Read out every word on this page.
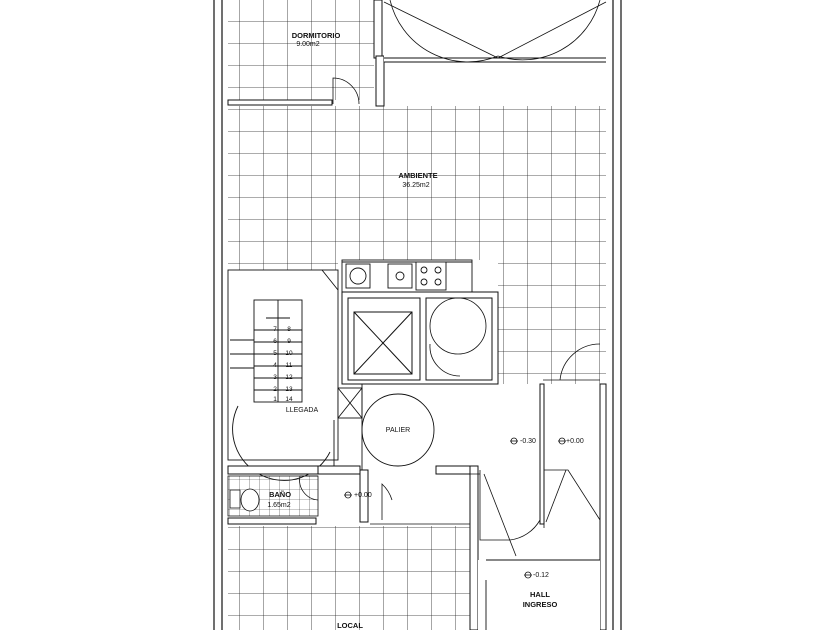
DORMITORIO
9.00m2
AMBIENTE
36.25m2
PALIER
BAÑO
1.65m2
HALL
INGRESO
LOCAL
LLEGADA
7
6
5
4
3
2
1
8
9
10
11
12
13
14
-0.30	+0.00
+0.00
-0.12
